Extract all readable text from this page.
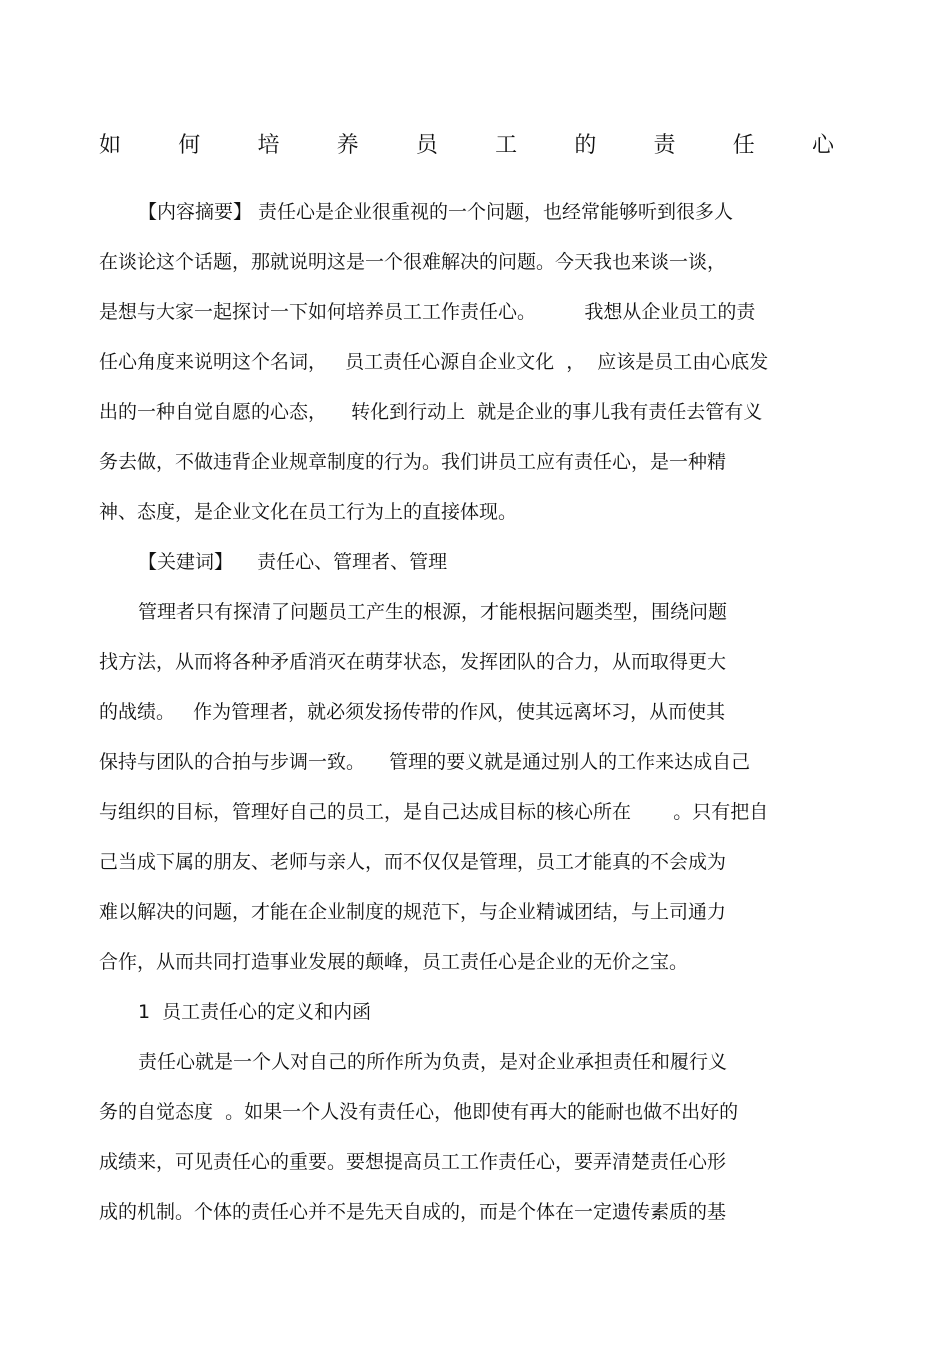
如	何	培	养	员	工	的	责	任	心

【内容摘要】 责任心是企业很重视的一个问题，也经常能够听到很多人

在谈论这个话题，那就说明这是一个很难解决的问题。今天我也来谈一谈，

是想与大家一起探讨一下如何培养员工工作责任心。        我想从企业员工的责

任心角度来说明这个名词，   员工责任心源自企业文化  ，  应该是员工由心底发

出的一种自觉自愿的心态，    转化到行动上  就是企业的事儿我有责任去管有义

务去做，不做违背企业规章制度的行为。我们讲员工应有责任心，是一种精

神、态度，是企业文化在员工行为上的直接体现。

【关建词】    责任心、管理者、管理

管理者只有探清了问题员工产生的根源，才能根据问题类型，围绕问题

找方法，从而将各种矛盾消灭在萌芽状态，发挥团队的合力，从而取得更大

的战绩。   作为管理者，就必须发扬传带的作风，使其远离坏习，从而使其

保持与团队的合拍与步调一致。    管理的要义就是通过别人的工作来达成自己

与组织的目标，管理好自己的员工，是自己达成目标的核心所在       。只有把自

己当成下属的朋友、老师与亲人，而不仅仅是管理，员工才能真的不会成为

难以解决的问题，才能在企业制度的规范下，与企业精诚团结，与上司通力

合作，从而共同打造事业发展的颠峰，员工责任心是企业的无价之宝。

1  员工责任心的定义和内函

责任心就是一个人对自己的所作所为负责，是对企业承担责任和履行义

务的自觉态度  。如果一个人没有责任心，他即使有再大的能耐也做不出好的

成绩来，可见责任心的重要。要想提高员工工作责任心，要弄清楚责任心形

成的机制。个体的责任心并不是先天自成的，而是个体在一定遗传素质的基
